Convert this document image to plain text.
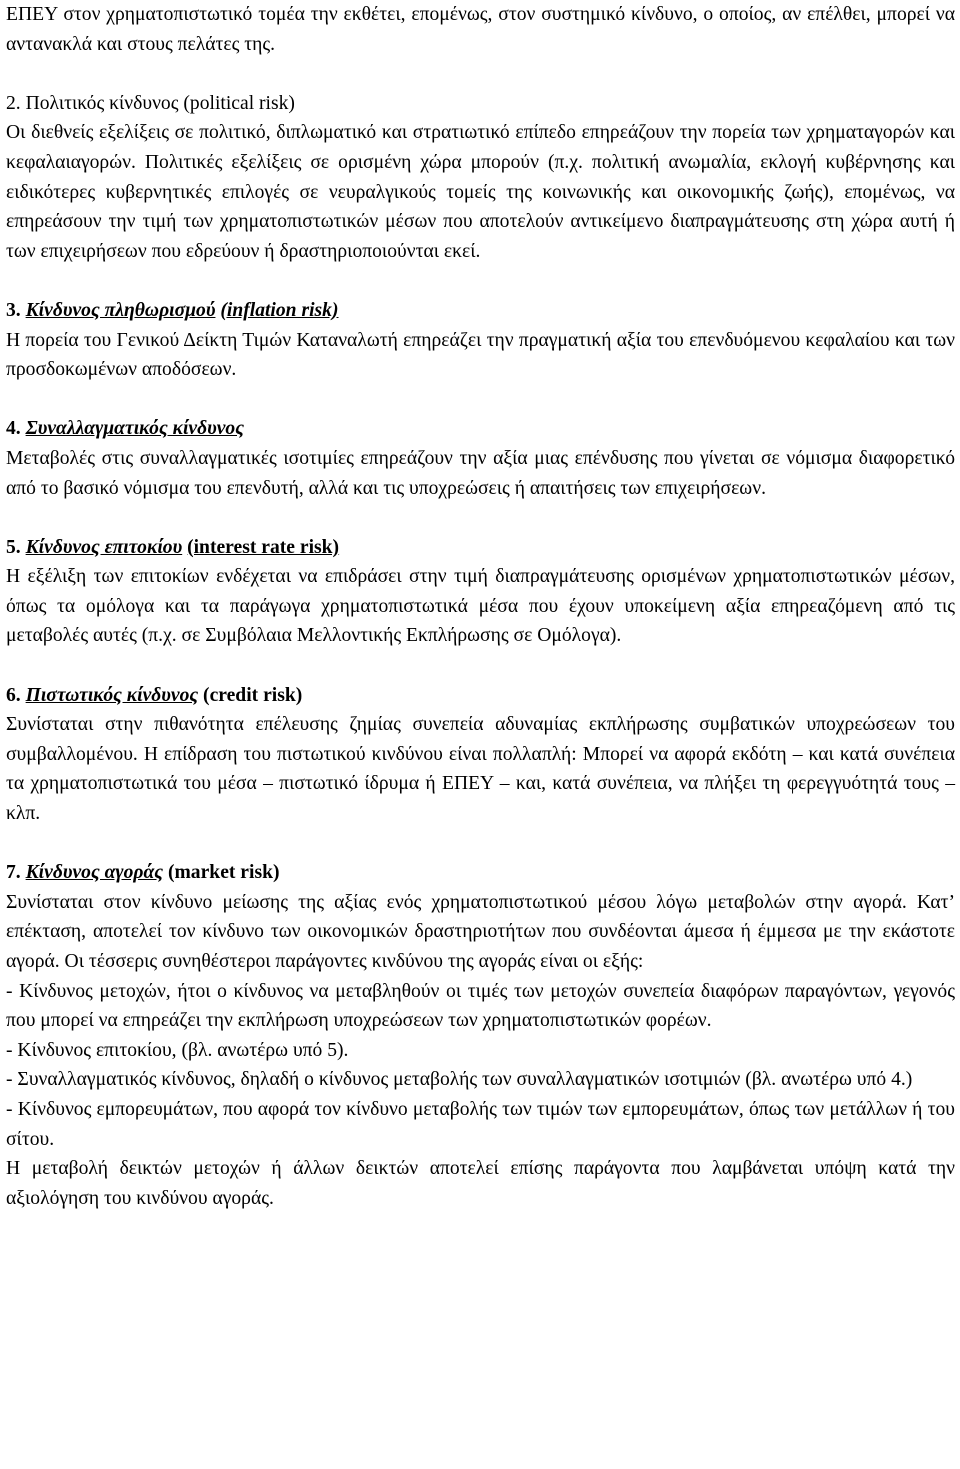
ΕΠΕΥ στον χρηματοπιστωτικό τομέα την εκθέτει, επομένως, στον συστημικό κίνδυνο, ο οποίος, αν επέλθει, μπορεί να αντανακλά και στους πελάτες της.

2. Πολιτικός κίνδυνος (political risk)

Οι διεθνείς εξελίξεις σε πολιτικό, διπλωματικό και στρατιωτικό επίπεδο επηρεάζουν την πορεία των χρηματαγορών και κεφαλαιαγορών. Πολιτικές εξελίξεις σε ορισμένη χώρα μπορούν (π.χ. πολιτική ανωμαλία, εκλογή κυβέρνησης και ειδικότερες κυβερνητικές επιλογές σε νευραλγικούς τομείς της κοινωνικής και οικονομικής ζωής), επομένως, να επηρεάσουν την τιμή των χρηματοπιστωτικών μέσων που αποτελούν αντικείμενο διαπραγμάτευσης στη χώρα αυτή ή των επιχειρήσεων που εδρεύουν ή δραστηριοποιούνται εκεί.

3. Κίνδυνος πληθωρισμού (inflation risk)

Η πορεία του Γενικού Δείκτη Τιμών Καταναλωτή επηρεάζει την πραγματική αξία του επενδυόμενου κεφαλαίου και των προσδοκωμένων αποδόσεων.

4. Συναλλαγματικός κίνδυνος

Μεταβολές στις συναλλαγματικές ισοτιμίες επηρεάζουν την αξία μιας επένδυσης που γίνεται σε νόμισμα διαφορετικό από το βασικό νόμισμα του επενδυτή, αλλά και τις υποχρεώσεις ή απαιτήσεις των επιχειρήσεων.

5. Κίνδυνος επιτοκίου (interest rate risk)

Η εξέλιξη των επιτοκίων ενδέχεται να επιδράσει στην τιμή διαπραγμάτευσης ορισμένων χρηματοπιστωτικών μέσων, όπως τα ομόλογα και τα παράγωγα χρηματοπιστωτικά μέσα που έχουν υποκείμενη αξία επηρεαζόμενη από τις μεταβολές αυτές (π.χ. σε Συμβόλαια Μελλοντικής Εκπλήρωσης σε Ομόλογα).

6. Πιστωτικός κίνδυνος (credit risk)

Συνίσταται στην πιθανότητα επέλευσης ζημίας συνεπεία αδυναμίας εκπλήρωσης συμβατικών υποχρεώσεων του συμβαλλομένου. Η επίδραση του πιστωτικού κινδύνου είναι πολλαπλή: Μπορεί να αφορά εκδότη – και κατά συνέπεια τα χρηματοπιστωτικά του μέσα – πιστωτικό ίδρυμα ή ΕΠΕΥ – και, κατά συνέπεια, να πλήξει τη φερεγγυότητά τους – κλπ.

7. Κίνδυνος αγοράς (market risk)

Συνίσταται στον κίνδυνο μείωσης της αξίας ενός χρηματοπιστωτικού μέσου λόγω μεταβολών στην αγορά. Κατ’ επέκταση, αποτελεί τον κίνδυνο των οικονομικών δραστηριοτήτων που συνδέονται άμεσα ή έμμεσα με την εκάστοτε αγορά. Οι τέσσερις συνηθέστεροι παράγοντες κινδύνου της αγοράς είναι οι εξής:

- Κίνδυνος μετοχών, ήτοι ο κίνδυνος να μεταβληθούν οι τιμές των μετοχών συνεπεία διαφόρων παραγόντων, γεγονός που μπορεί να επηρεάζει την εκπλήρωση υποχρεώσεων των χρηματοπιστωτικών φορέων.

- Κίνδυνος επιτοκίου, (βλ. ανωτέρω υπό 5).

- Συναλλαγματικός κίνδυνος, δηλαδή ο κίνδυνος μεταβολής των συναλλαγματικών ισοτιμιών (βλ. ανωτέρω υπό 4.)

- Κίνδυνος εμπορευμάτων, που αφορά τον κίνδυνο μεταβολής των τιμών των εμπορευμάτων, όπως των μετάλλων ή του σίτου.

Η μεταβολή δεικτών μετοχών ή άλλων δεικτών αποτελεί επίσης παράγοντα που λαμβάνεται υπόψη κατά την αξιολόγηση του κινδύνου αγοράς.
